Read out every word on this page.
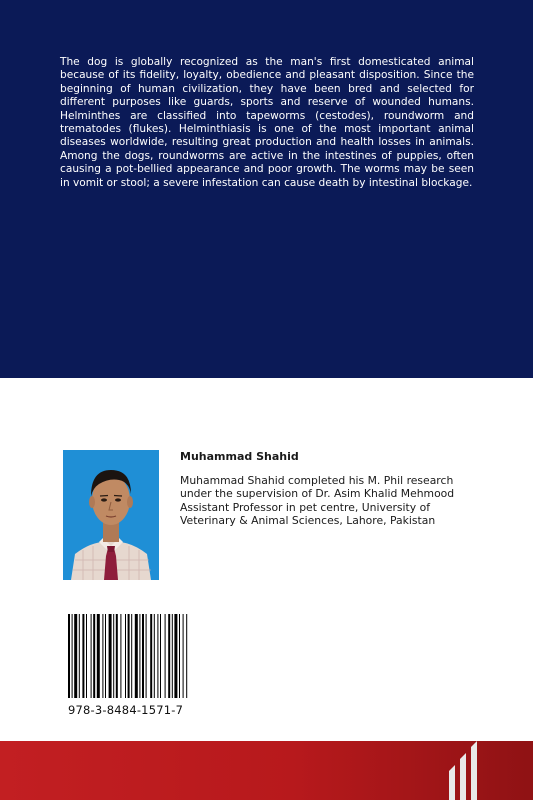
The dog is globally recognized as the man's first domesticated animal because of its fidelity, loyalty, obedience and pleasant disposition. Since the beginning of human civilization, they have been bred and selected for different purposes like guards, sports and reserve of wounded humans. Helminthes are classified into tapeworms (cestodes), roundworm and trematodes (flukes). Helminthiasis is one of the most important animal diseases worldwide, resulting great production and health losses in animals. Among the dogs, roundworms are active in the intestines of puppies, often causing a pot-bellied appearance and poor growth. The worms may be seen in vomit or stool; a severe infestation can cause death by intestinal blockage.

Muhammad Shahid

Muhammad Shahid completed his M. Phil research under the supervision of Dr. Asim Khalid Mehmood Assistant Professor in pet centre, University of Veterinary & Animal Sciences, Lahore, Pakistan

978-3-8484-1571-7
